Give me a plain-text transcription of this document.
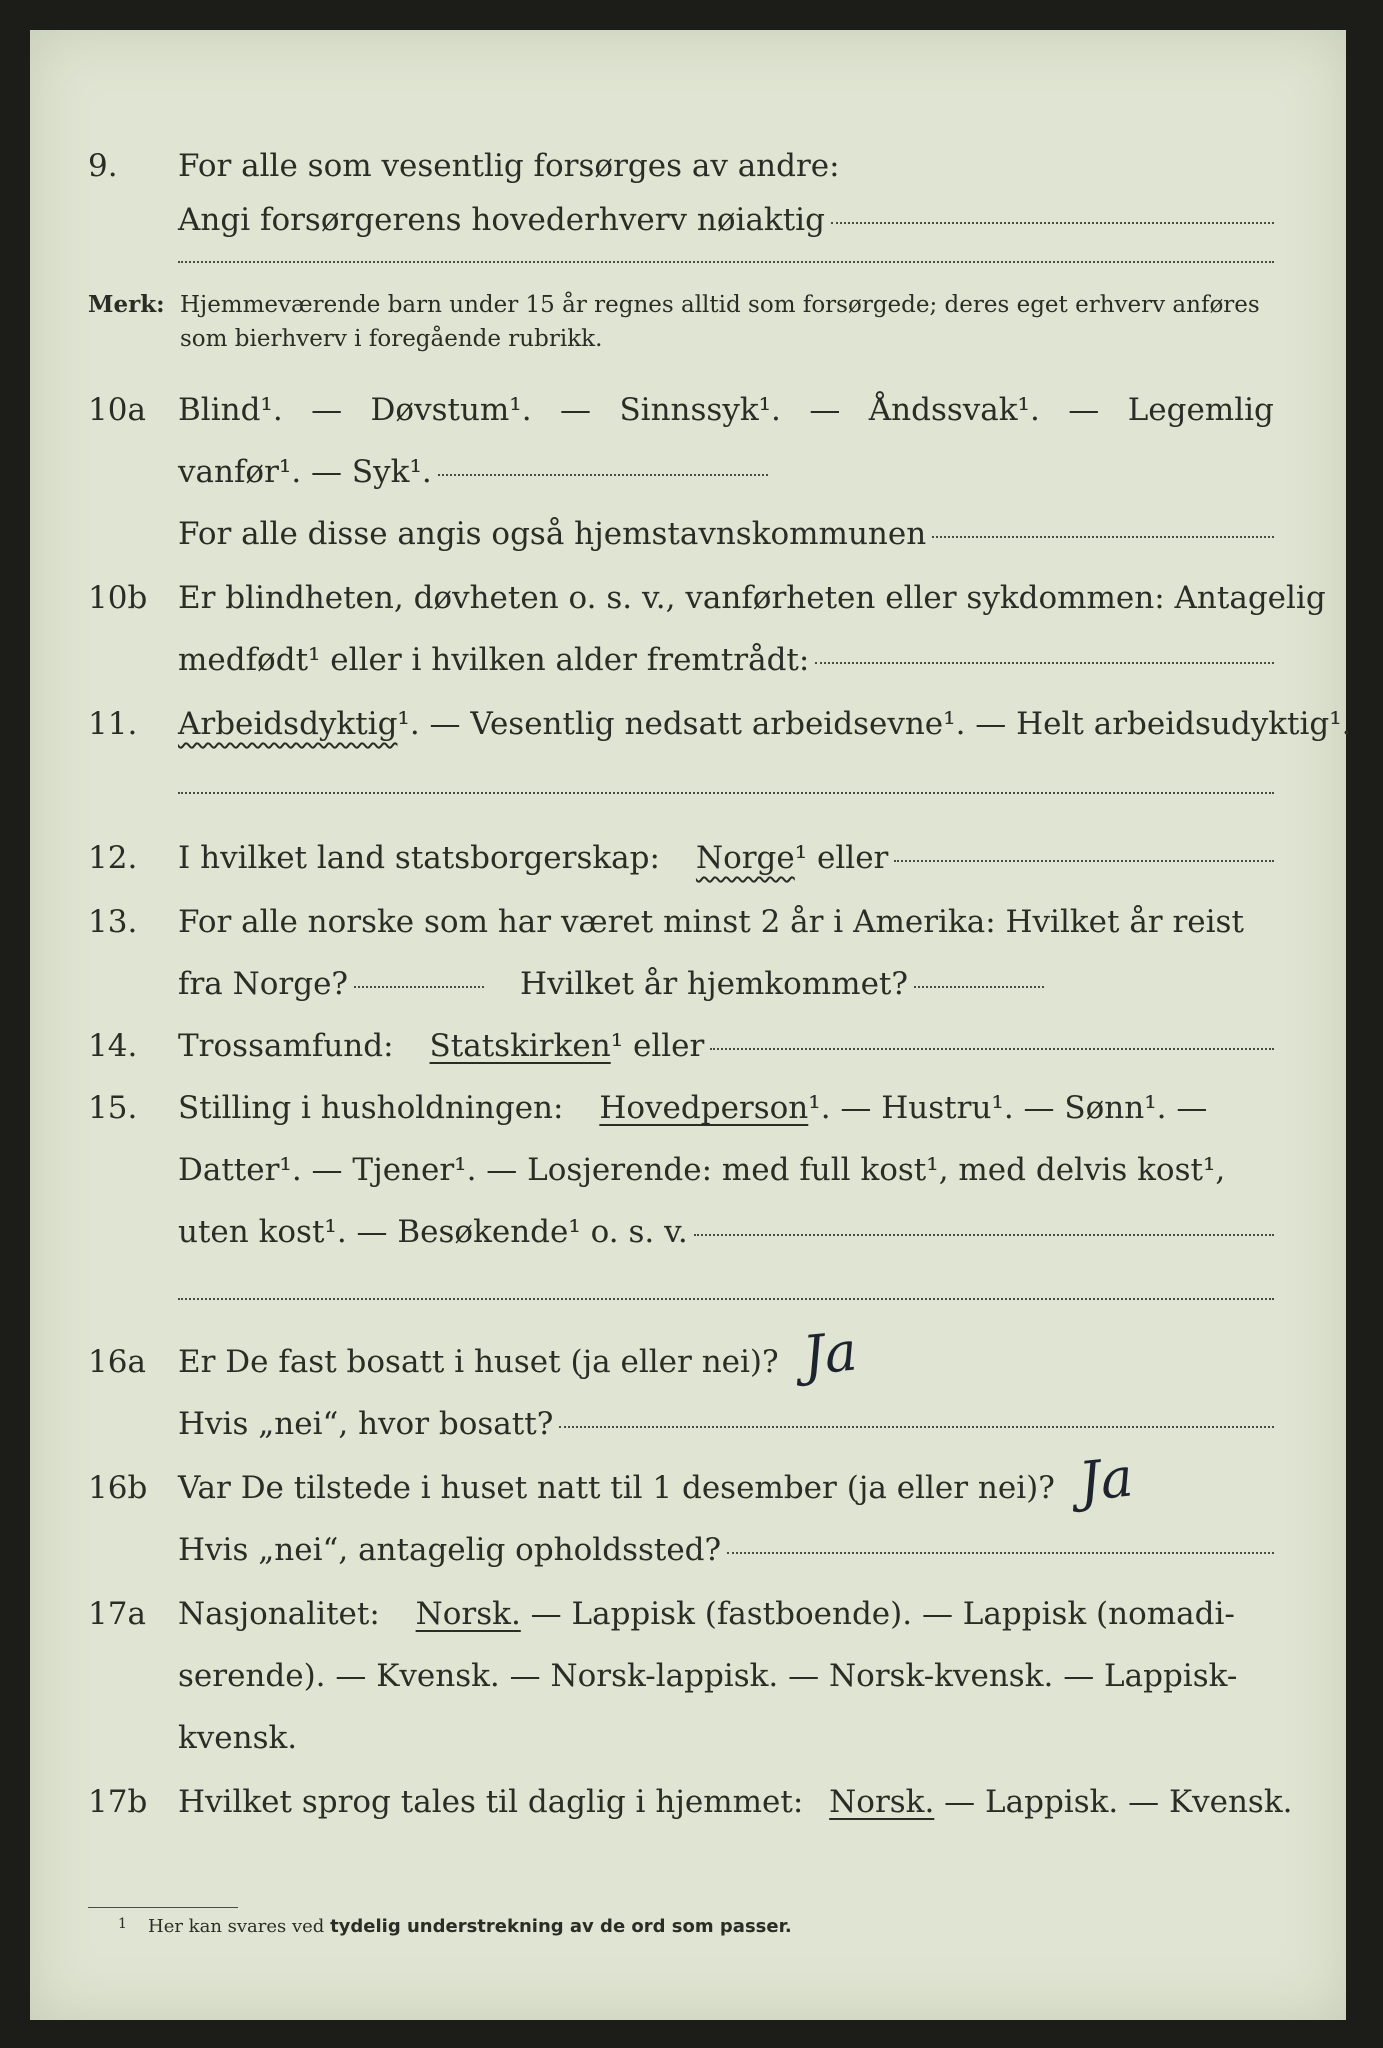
9.	For alle som vesentlig forsørges av andre:
Angi forsørgerens hovederhverv nøiaktig
Merk: Hjemmeværende barn under 15 år regnes alltid som forsørgede; deres eget erhverv anføres som bierhverv i foregående rubrikk.
10a	Blind¹. — Døvstum¹. — Sinnssyk¹. — Åndssvak¹. — Legemlig
vanfør¹. — Syk¹.
For alle disse angis også hjemstavnskommunen
10b Er blindheten, døvheten o. s. v., vanførheten eller sykdommen: Antagelig
medfødt¹ eller i hvilken alder fremtrådt:
11.	Arbeidsdyktig¹. — Vesentlig nedsatt arbeidsevne¹. — Helt arbeidsudyktig¹.
12.	I hvilket land statsborgerskap: Norge ¹ eller
13.	For alle norske som har været minst 2 år i Amerika: Hvilket år reist
fra Norge?	Hvilket år hjemkommet?
14.	Trossamfund: Statskirken ¹ eller
15.	Stilling i husholdningen: Hovedperson¹. — Hustru¹. — Sønn¹. —
Datter¹. — Tjener¹. — Losjerende: med full kost¹, med delvis kost¹,
uten kost¹. — Besøkende¹ o. s. v.
16a	Er De fast bosatt i huset (ja eller nei)? Ja
Hvis „nei“, hvor bosatt?
16b Var De tilstede i huset natt til 1 desember (ja eller nei)? Ja
Hvis „nei“, antagelig opholdssted?
17a	Nasjonalitet: Norsk. — Lappisk (fastboende). — Lappisk (nomadi-
serende). — Kvensk. — Norsk-lappisk. — Norsk-kvensk. — Lappisk-
kvensk.
17b Hvilket sprog tales til daglig i hjemmet: Norsk. — Lappisk. — Kvensk.
1 Her kan svares ved tydelig understrekning av de ord som passer.
